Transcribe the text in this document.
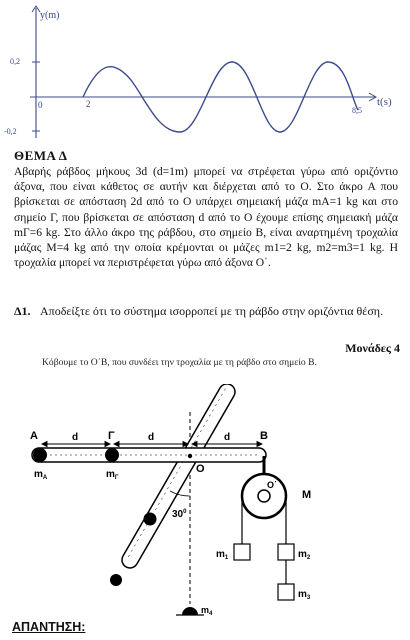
y(m)
t(s)
0,2
-0,2
0	2
8,5
ΘΕΜΑ Δ
Αβαρής ράβδος μήκους 3d (d=1m) μπορεί να στρέφεται γύρω από οριζόντιο άξονα, που είναι κάθετος σε αυτήν και διέρχεται από το Ο. Στο άκρο Α που βρίσκεται σε απόσταση 2d από το Ο υπάρχει σημειακή μάζα mA=1 kg και στο σημείο Γ, που βρίσκεται σε απόσταση d από το Ο έχουμε επίσης σημειακή μάζα mΓ=6 kg. Στο άλλο άκρο της ράβδου, στο σημείο Β, είναι αναρτημένη τροχαλία μάζας Μ=4 kg από την οποία κρέμονται οι μάζες m1=2 kg, m2=m3=1 kg. Η τροχαλία μπορεί να περιστρέφεται γύρω από άξονα Ο΄.
Δ1. Αποδείξτε ότι το σύστημα ισορροπεί με τη ράβδο στην οριζόντια θέση.
Μονάδες 4
Κόβουμε το Ο΄Β, που συνδέει την τροχαλία με τη ράβδο στο σημείο Β.
Α	Γ	Β
d	d	d
Ο
Ο΄
Μ
$30^0$
$m_A$	$m_\Gamma$
$m_1$	$m_2$
$m_3$
$m_4$
ΑΠΑΝΤΗΣΗ:
